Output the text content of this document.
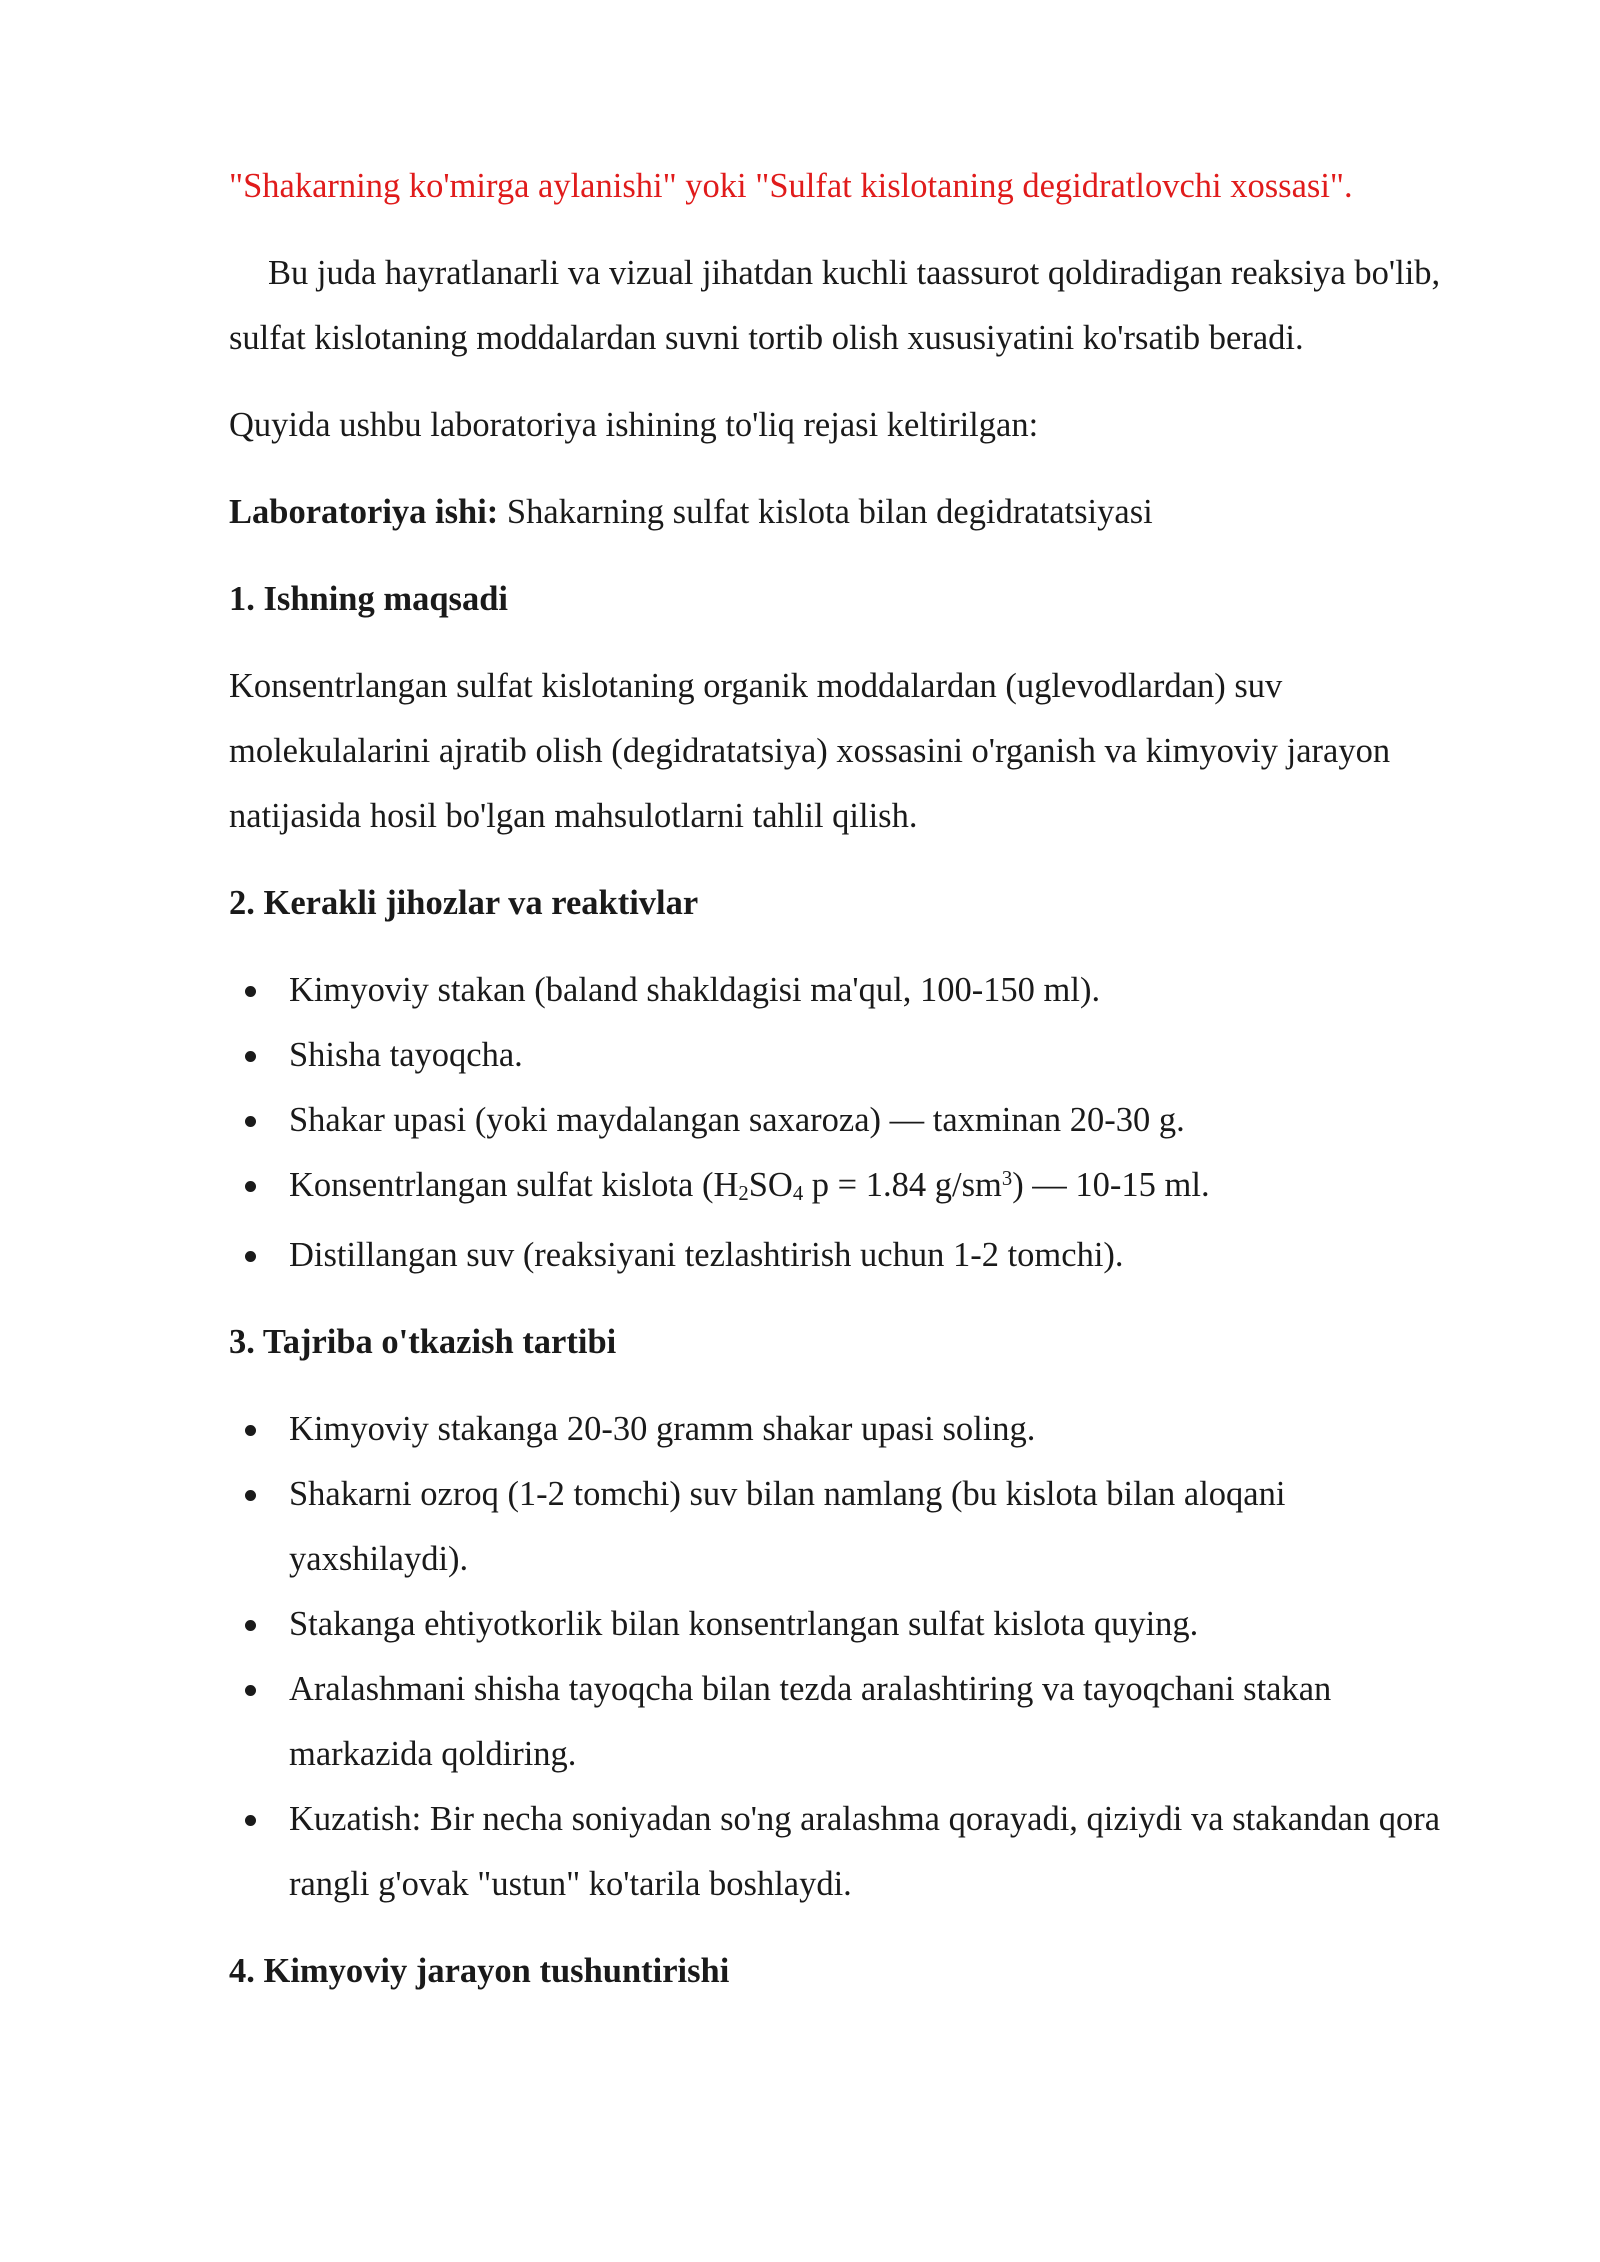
"Shakarning ko'mirga aylanishi" yoki "Sulfat kislotaning degidratlovchi xossasi".

Bu juda hayratlanarli va vizual jihatdan kuchli taassurot qoldiradigan reaksiya bo'lib, sulfat kislotaning moddalardan suvni tortib olish xususiyatini ko'rsatib beradi.

Quyida ushbu laboratoriya ishining to'liq rejasi keltirilgan:

Laboratoriya ishi: Shakarning sulfat kislota bilan degidratatsiyasi

1. Ishning maqsadi

Konsentrlangan sulfat kislotaning organik moddalardan (uglevodlardan) suv molekulalarini ajratib olish (degidratatsiya) xossasini o'rganish va kimyoviy jarayon natijasida hosil bo'lgan mahsulotlarni tahlil qilish.

2. Kerakli jihozlar va reaktivlar

Kimyoviy stakan (baland shakldagisi ma'qul, 100-150 ml).
Shisha tayoqcha.
Shakar upasi (yoki maydalangan saxaroza) — taxminan 20-30 g.
Konsentrlangan sulfat kislota ($H_2SO_4$ p = 1.84 $g/sm^3$) — 10-15 ml.
Distillangan suv (reaksiyani tezlashtirish uchun 1-2 tomchi).

3. Tajriba o'tkazish tartibi

Kimyoviy stakanga 20-30 gramm shakar upasi soling.
Shakarni ozroq (1-2 tomchi) suv bilan namlang (bu kislota bilan aloqani yaxshilaydi).
Stakanga ehtiyotkorlik bilan konsentrlangan sulfat kislota quying.
Aralashmani shisha tayoqcha bilan tezda aralashtiring va tayoqchani stakan markazida qoldiring.
Kuzatish: Bir necha soniyadan so'ng aralashma qorayadi, qiziydi va stakandan qora rangli g'ovak "ustun" ko'tarila boshlaydi.

4. Kimyoviy jarayon tushuntirishi
